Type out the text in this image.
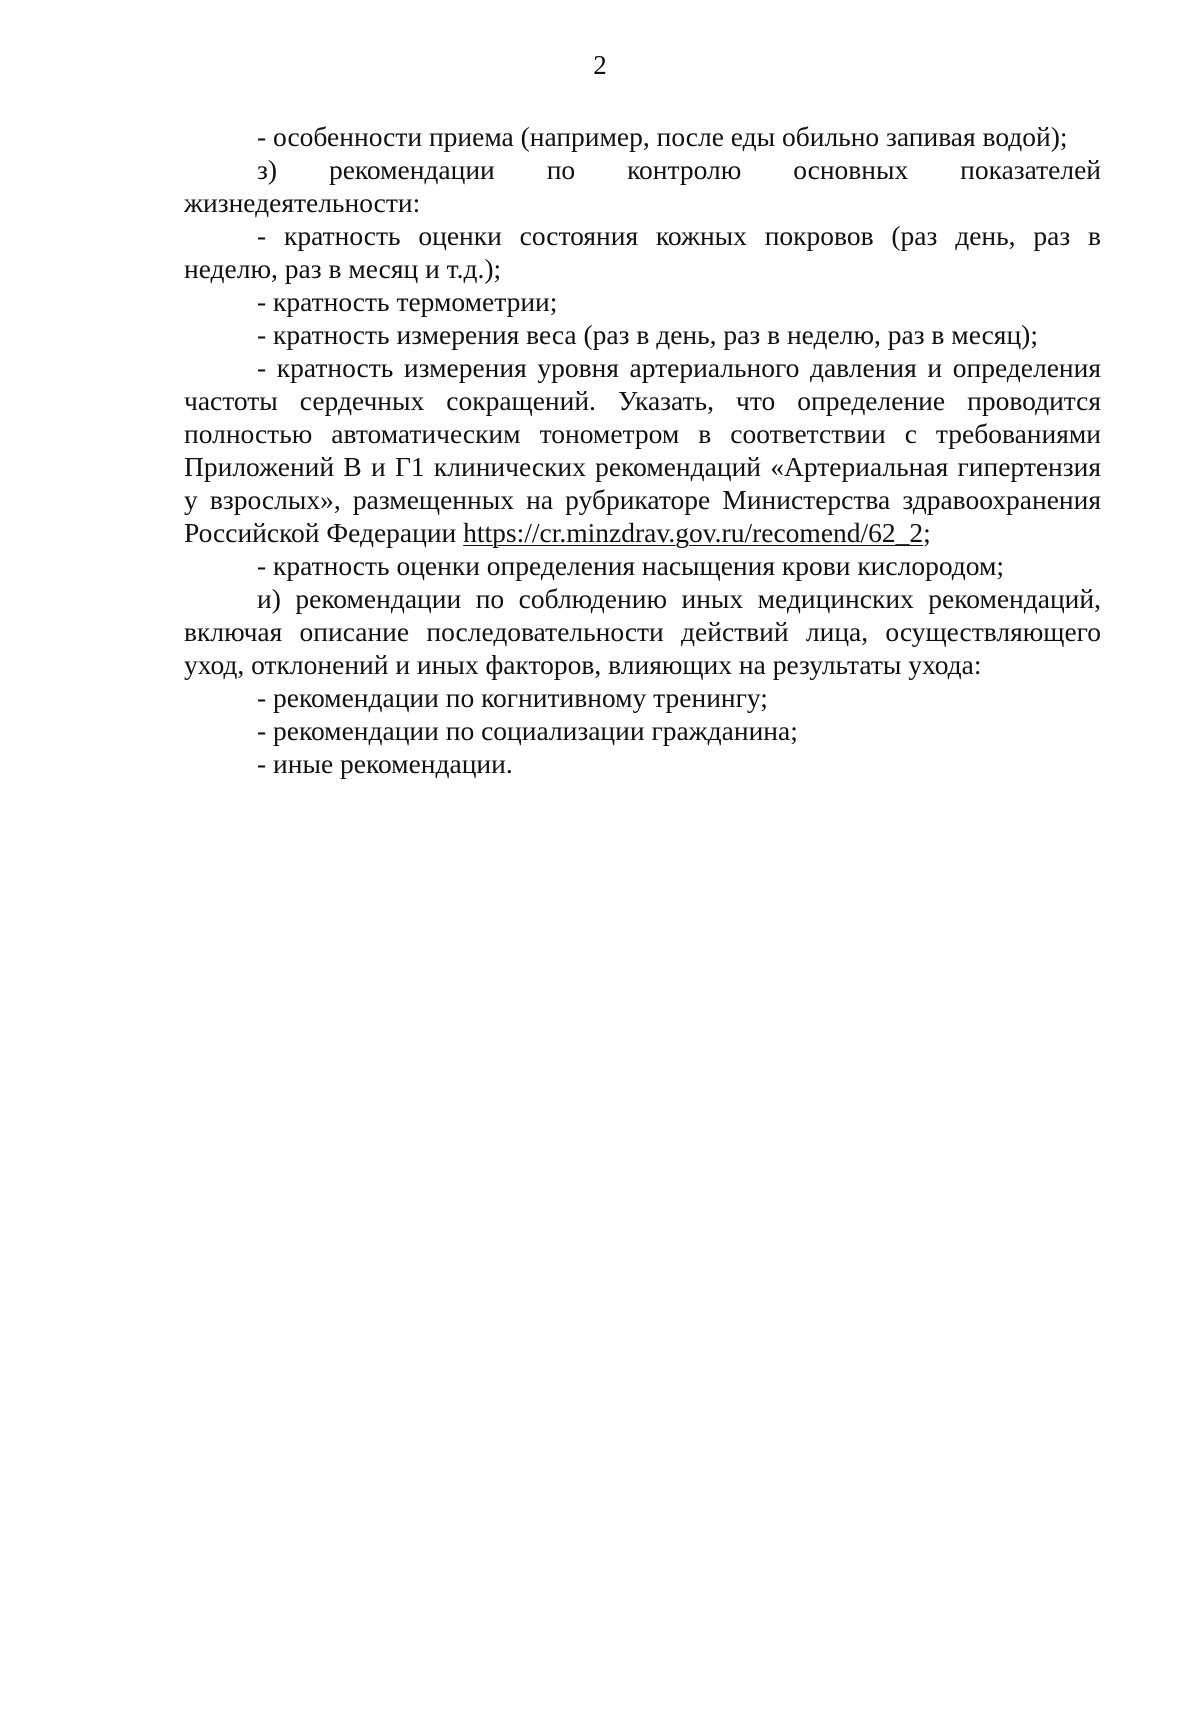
2

- особенности приема (например, после еды обильно запивая водой);

з) рекомендации по контролю основных показателей жизнедеятельности:

- кратность оценки состояния кожных покровов (раз день, раз в неделю, раз в месяц и т.д.);

- кратность термометрии;

- кратность измерения веса (раз в день, раз в неделю, раз в месяц);

- кратность измерения уровня артериального давления и определения частоты сердечных сокращений. Указать, что определение проводится полностью автоматическим тонометром в соответствии с требованиями Приложений В и Г1 клинических рекомендаций «Артериальная гипертензия у взрослых», размещенных на рубрикаторе Министерства здравоохранения Российской Федерации https://cr.minzdrav.gov.ru/recomend/62_2;

- кратность оценки определения насыщения крови кислородом;

и) рекомендации по соблюдению иных медицинских рекомендаций, включая описание последовательности действий лица, осуществляющего уход, отклонений и иных факторов, влияющих на результаты ухода:

- рекомендации по когнитивному тренингу;

- рекомендации по социализации гражданина;

- иные рекомендации.
